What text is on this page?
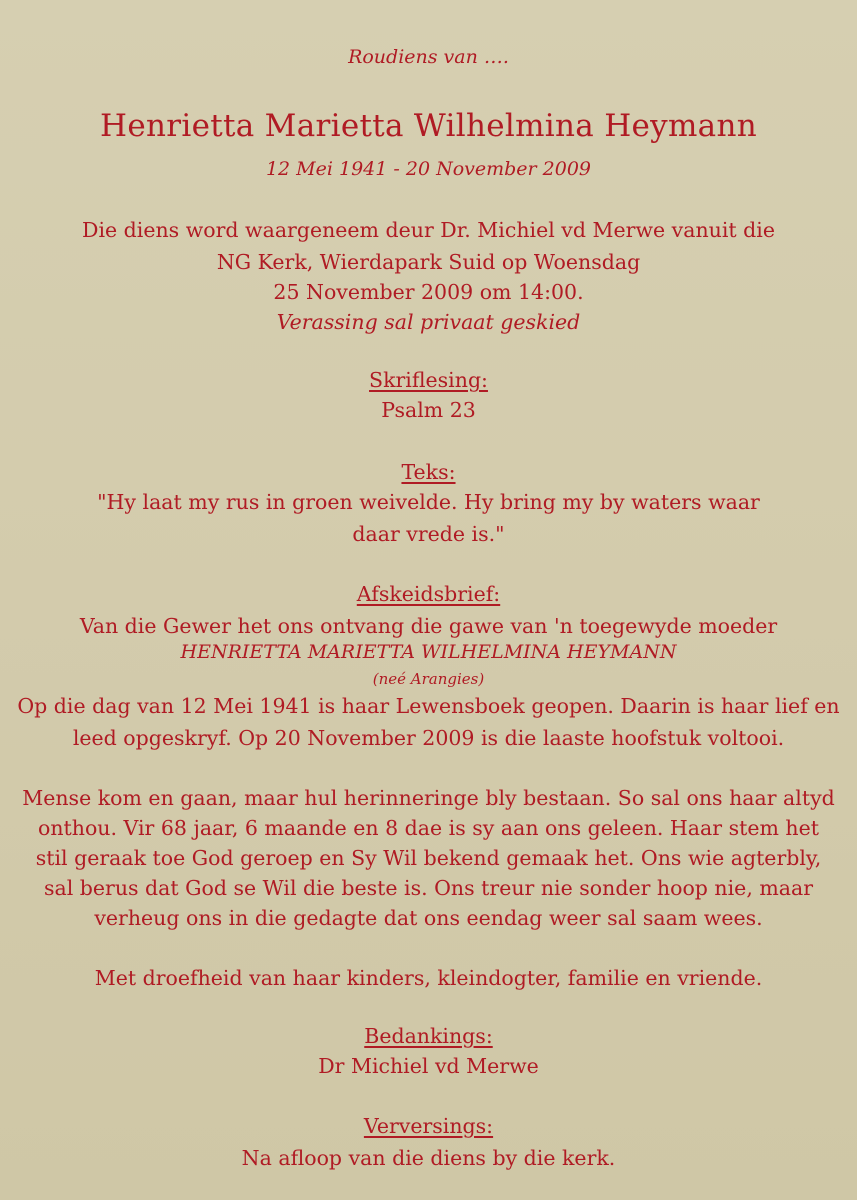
Roudiens van ….
Henrietta Marietta Wilhelmina Heymann
12 Mei 1941 - 20 November 2009
Die diens word waargeneem deur Dr. Michiel vd Merwe vanuit die
NG Kerk, Wierdapark Suid op Woensdag
25 November 2009 om 14:00.
Verassing sal privaat geskied
Skriflesing:
Psalm 23
Teks:
"Hy laat my rus in groen weivelde. Hy bring my by waters waar
daar vrede is."
Afskeidsbrief:
Van die Gewer het ons ontvang die gawe van 'n toegewyde moeder
HENRIETTA MARIETTA WILHELMINA HEYMANN
(neé Arangies)
Op die dag van 12 Mei 1941 is haar Lewensboek geopen. Daarin is haar lief en
leed opgeskryf. Op 20 November 2009 is die laaste hoofstuk voltooi.
Mense kom en gaan, maar hul herinneringe bly bestaan. So sal ons haar altyd
onthou. Vir 68 jaar, 6 maande en 8 dae is sy aan ons geleen. Haar stem het
stil geraak toe God geroep en Sy Wil bekend gemaak het. Ons wie agterbly,
sal berus dat God se Wil die beste is. Ons treur nie sonder hoop nie, maar
verheug ons in die gedagte dat ons eendag weer sal saam wees.
Met droefheid van haar kinders, kleindogter, familie en vriende.
Bedankings:
Dr Michiel vd Merwe
Verversings:
Na afloop van die diens by die kerk.
